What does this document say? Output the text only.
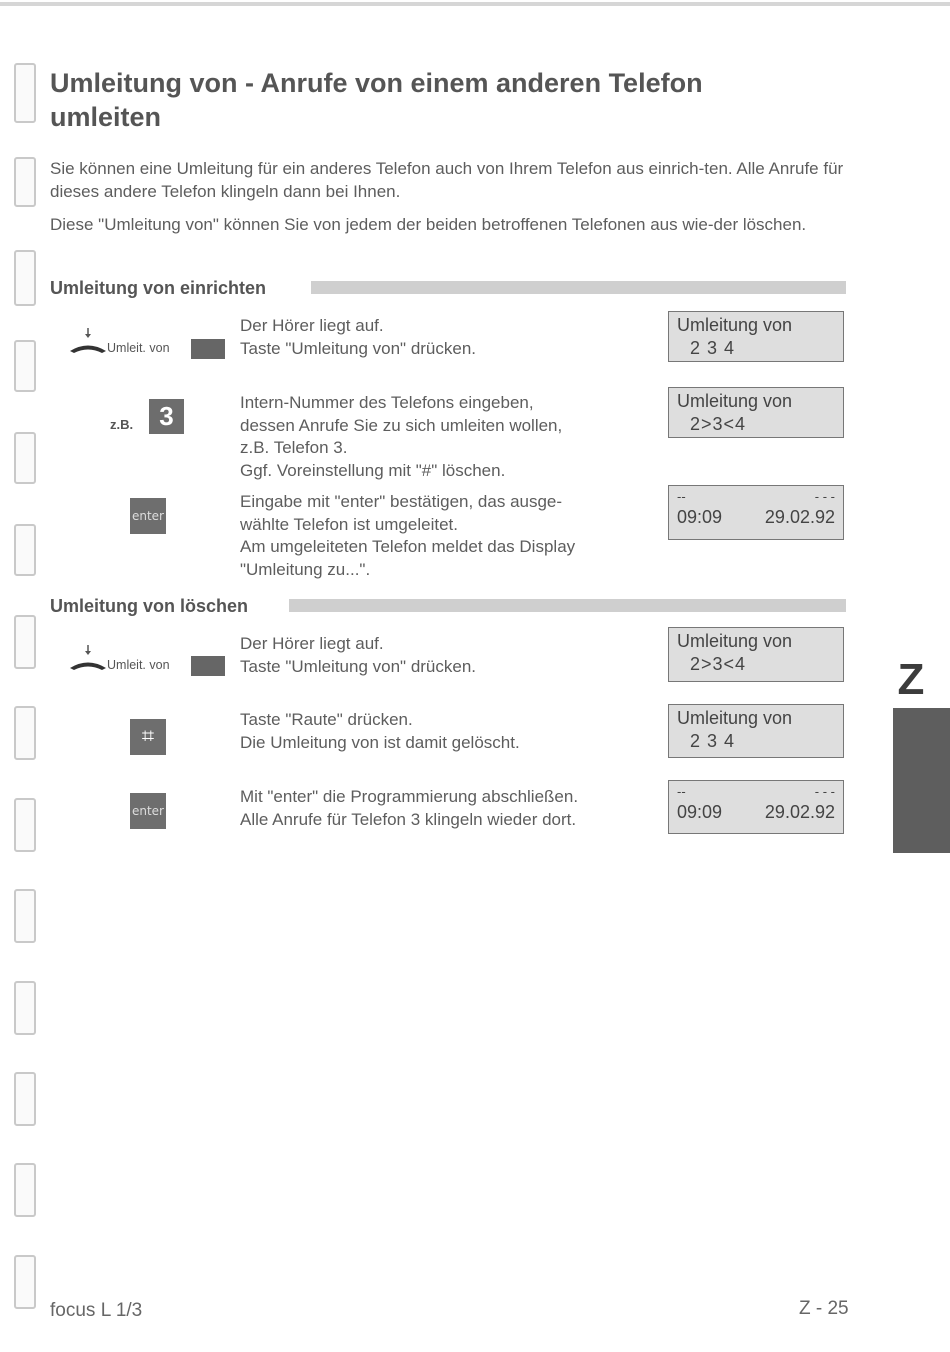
Umleitung von - Anrufe von einem anderen Telefon umleiten

Sie können eine Umleitung für ein anderes Telefon auch von Ihrem Telefon aus einrich-ten. Alle Anrufe für dieses andere Telefon klingeln dann bei Ihnen.

Diese "Umleitung von" können Sie von jedem der beiden betroffenen Telefonen aus wie-der löschen.

Umleitung von einrichten
Umleit. von

Der Hörer liegt auf.
Taste "Umleitung von" drücken.

Umleitung von
2 3 4
z.B.	3	Intern-Nummer des Telefons eingeben,
dessen Anrufe Sie zu sich umleiten wollen,
z.B. Telefon 3.
Ggf. Voreinstellung mit "#" löschen.

Umleitung von
2>3<4
enter

Eingabe mit "enter" bestätigen, das ausge-
wählte Telefon ist umgeleitet.
Am umgeleiteten Telefon meldet das Display
"Umleitung zu...".

--	- - -
09:09 29.02.92
Umleitung von löschen
Umleit. von

Der Hörer liegt auf.
Taste "Umleitung von" drücken.

Umleitung von
2>3<4
⌗

Taste "Raute" drücken.
Die Umleitung von ist damit gelöscht.

Umleitung von
2 3 4
enter

Mit "enter" die Programmierung abschließen.
Alle Anrufe für Telefon 3 klingeln wieder dort.

--	- - -
09:09 29.02.92
Z
focus L 1/3	Z - 25
